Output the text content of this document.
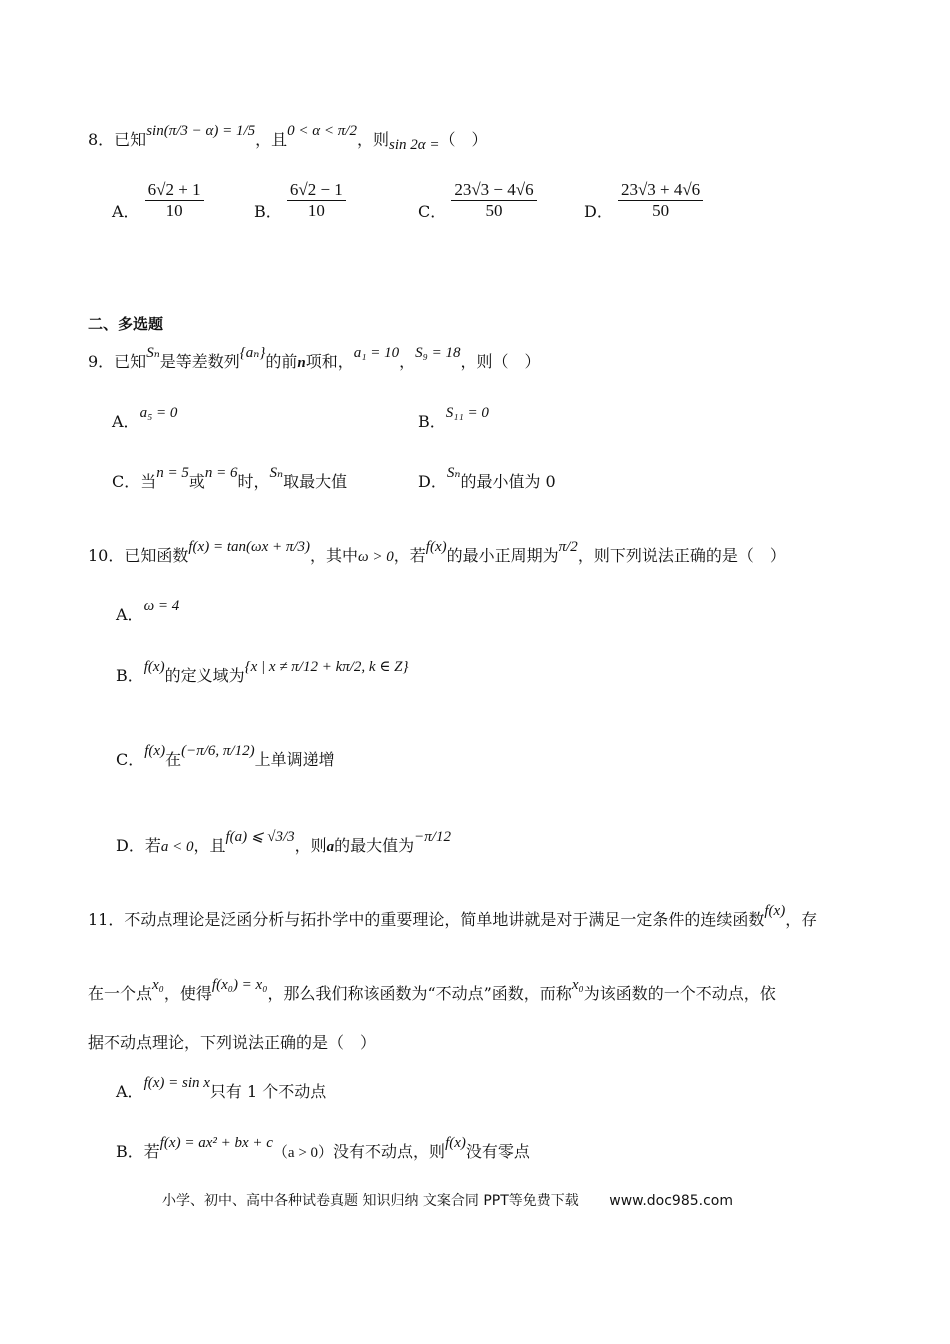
8．已知sin(π/3 − α) = 1/5，且0 < α < π/2，则sin 2α =（　）
A． $\frac{6√2 + 1}{10}$	B． $\frac{6√2 - 1}{10}$	C． $\frac{23√3 - 4√6}{50}$	D． $\frac{23√3 + 4√6}{50}$
二、多选题
9．已知Sₙ是等差数列{aₙ}的前n项和，a₁ = 10，S₉ = 18，则（　）
A．a₅ = 0	B．S₁₁ = 0
C．当n = 5或n = 6时，Sₙ取最大值	D．Sₙ的最小值为 0
10．已知函数f(x) = tan(ωx + π/3)，其中ω > 0，若f(x)的最小正周期为π/2，则下列说法正确的是（　）
A．ω = 4
B．f(x)的定义域为{x | x ≠ π/12 + kπ/2, k ∈ Z}
C．f(x)在(−π/6, π/12)上单调递增
D．若a < 0，且f(a) ⩽ √3/3，则a的最大值为−π/12
11．不动点理论是泛函分析与拓扑学中的重要理论，简单地讲就是对于满足一定条件的连续函数f(x)，存
在一个点x₀，使得f(x₀) = x₀，那么我们称该函数为“不动点”函数，而称x₀为该函数的一个不动点，依
据不动点理论，下列说法正确的是（　）
A．f(x) = sin x只有 1 个不动点
B．若f(x) = ax² + bx + c（a > 0）没有不动点，则f(x)没有零点
小学、初中、高中各种试卷真题 知识归纳 文案合同 PPT等免费下载 www.doc985.com
